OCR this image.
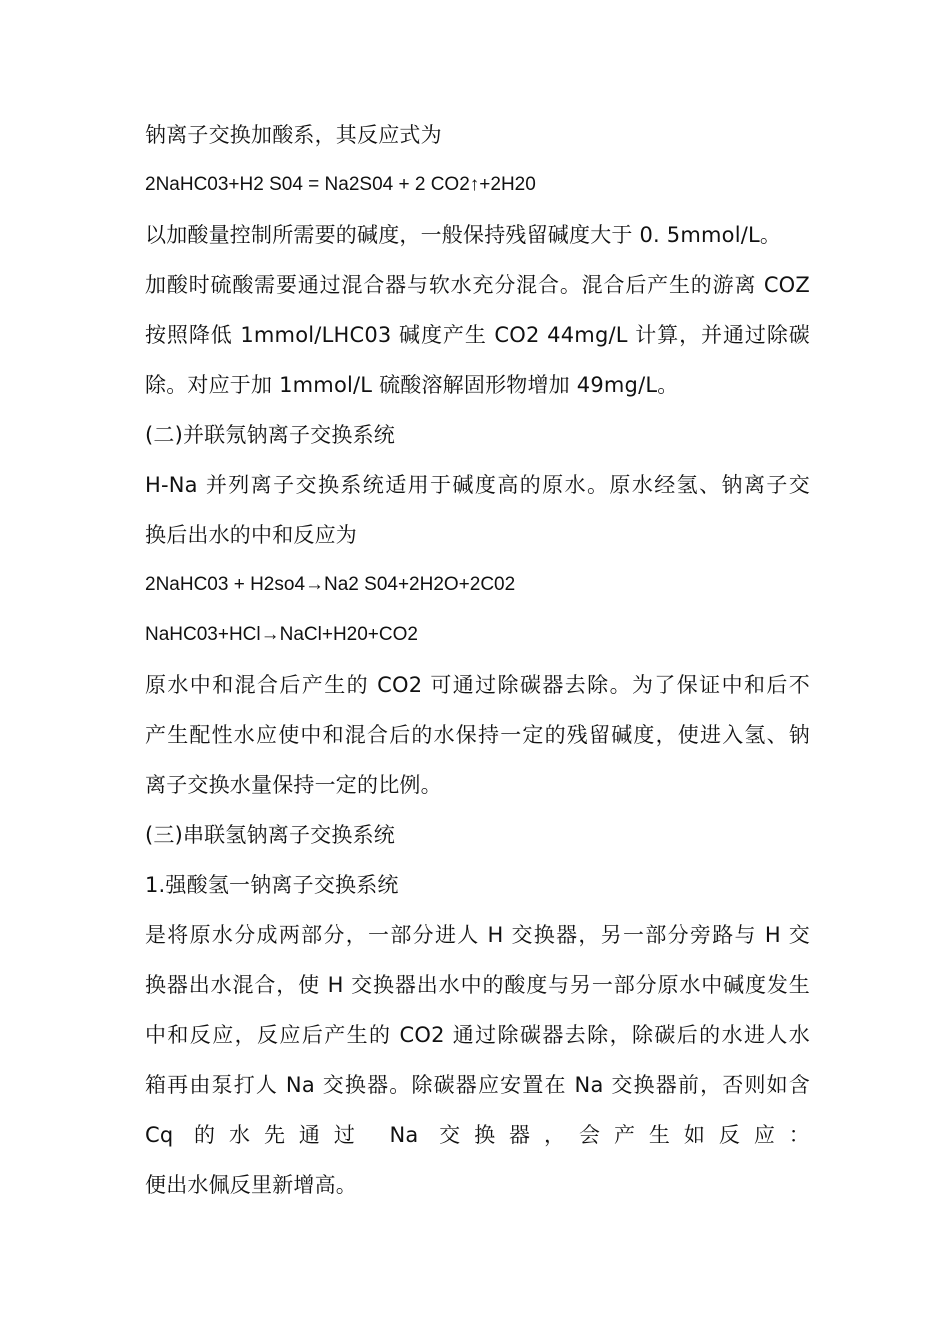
钠离子交换加酸系，其反应式为
2NaHC03+H2 S04 = Na2S04 + 2 CO2↑+2H20
以加酸量控制所需要的碱度，一般保持残留碱度大于 0. 5mmol/L。
加酸时硫酸需要通过混合器与软水充分混合。混合后产生的游离 COZ
按照降低 1mmol/LHC03 碱度产生 CO2 44mg/L 计算，并通过除碳
除。对应于加 1mmol/L 硫酸溶解固形物增加 49mg/L。
(二)并联氖钠离子交换系统
H-Na 并列离子交换系统适用于碱度高的原水。原水经氢、钠离子交
换后出水的中和反应为
2NaHC03 + H2so4→Na2 S04+2H2O+2C02
NaHC03+HCl→NaCl+H20+CO2
原水中和混合后产生的 CO2 可通过除碳器去除。为了保证中和后不
产生配性水应使中和混合后的水保持一定的残留碱度，使进入氢、钠
离子交换水量保持一定的比例。
(三)串联氢钠离子交换系统
1.强酸氢一钠离子交换系统
是将原水分成两部分，一部分进人 H 交换器，另一部分旁路与 H 交
换器出水混合，使 H 交换器出水中的酸度与另一部分原水中碱度发生
中和反应，反应后产生的 CO2 通过除碳器去除，除碳后的水进人水
箱再由泵打人 Na 交换器。除碳器应安置在 Na 交换器前，否则如含
Cq 的水先通过 Na 交换器，会产生如反应：
便出水佩反里新增高。
